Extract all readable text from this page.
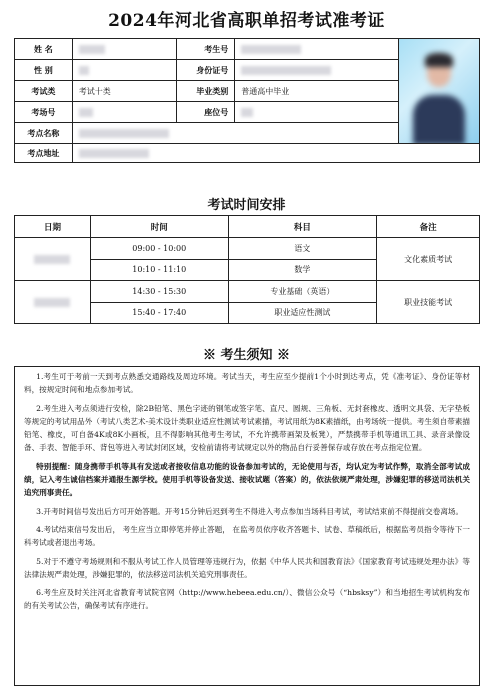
2024年河北省高职单招考试准考证
姓 名		考生号		

性 别		身份证号		
考试类	考试十类	毕业类别	普通高中毕业	
考场号		座位号		
考点名称				
考点地址				
考试时间安排
日期	时间	科目	备注
	09:00 - 10:00	语文	文化素质考试
	10:10 - 11:10	数学	
	14:30 - 15:30	专业基础（英语）	职业技能考试
	15:40 - 17:40	职业适应性测试	
※ 考生须知 ※

1.考生可于考前一天到考点熟悉交通路线及周边环境。考试当天，考生应至少提前1个小时到达考点，凭《准考证》、身份证等材料，按规定时间和地点参加考试。

2.考生进入考点须进行安检，除2B铅笔、黑色字迹的钢笔或签字笔、直尺、圆规、三角板、无封套橡皮、透明文具袋、无字垫板等规定的考试用品外（考试八类艺术-美术设计类职业适应性测试考试素描，考试用纸为8K素描纸，由考场统一提供。考生须自带素描铅笔、橡皮，可自备4K或8K小画板，且不得影响其他考生考试，不允许携带画架及板凳），严禁携带手机等通讯工具、录音录像设备、手表、智能手环、背包等进入考试封闭区域，安检前请将考试规定以外的物品自行妥善保存或存放在考点指定位置。

特别提醒：随身携带手机等具有发送或者接收信息功能的设备参加考试的，无论使用与否，均认定为考试作弊，取消全部考试成绩，记入考生诚信档案并通报生源学校。使用手机等设备发送、接收试题（答案）的，依法依规严肃处理，涉嫌犯罪的移送司法机关追究刑事责任。

3.开考时间信号发出后方可开始答题。开考15分钟后迟到考生不得进入考点参加当场科目考试，考试结束前不得提前交卷离场。

4.考试结束信号发出后， 考生应当立即停笔并停止答题， 在监考员依序收齐答题卡、试卷、草稿纸后，根据监考员指令等待下一科考试或者退出考场。

5.对于不遵守考场规则和不服从考试工作人员管理等违规行为，依据《中华人民共和国教育法》《国家教育考试违规处理办法》等法律法规严肃处理，涉嫌犯罪的，依法移送司法机关追究刑事责任。

6.考生应及时关注河北省教育考试院官网（http://www.hebeea.edu.cn/）、微信公众号（“hbsksy”）和当地招生考试机构发布的有关考试公告，确保考试有序进行。
